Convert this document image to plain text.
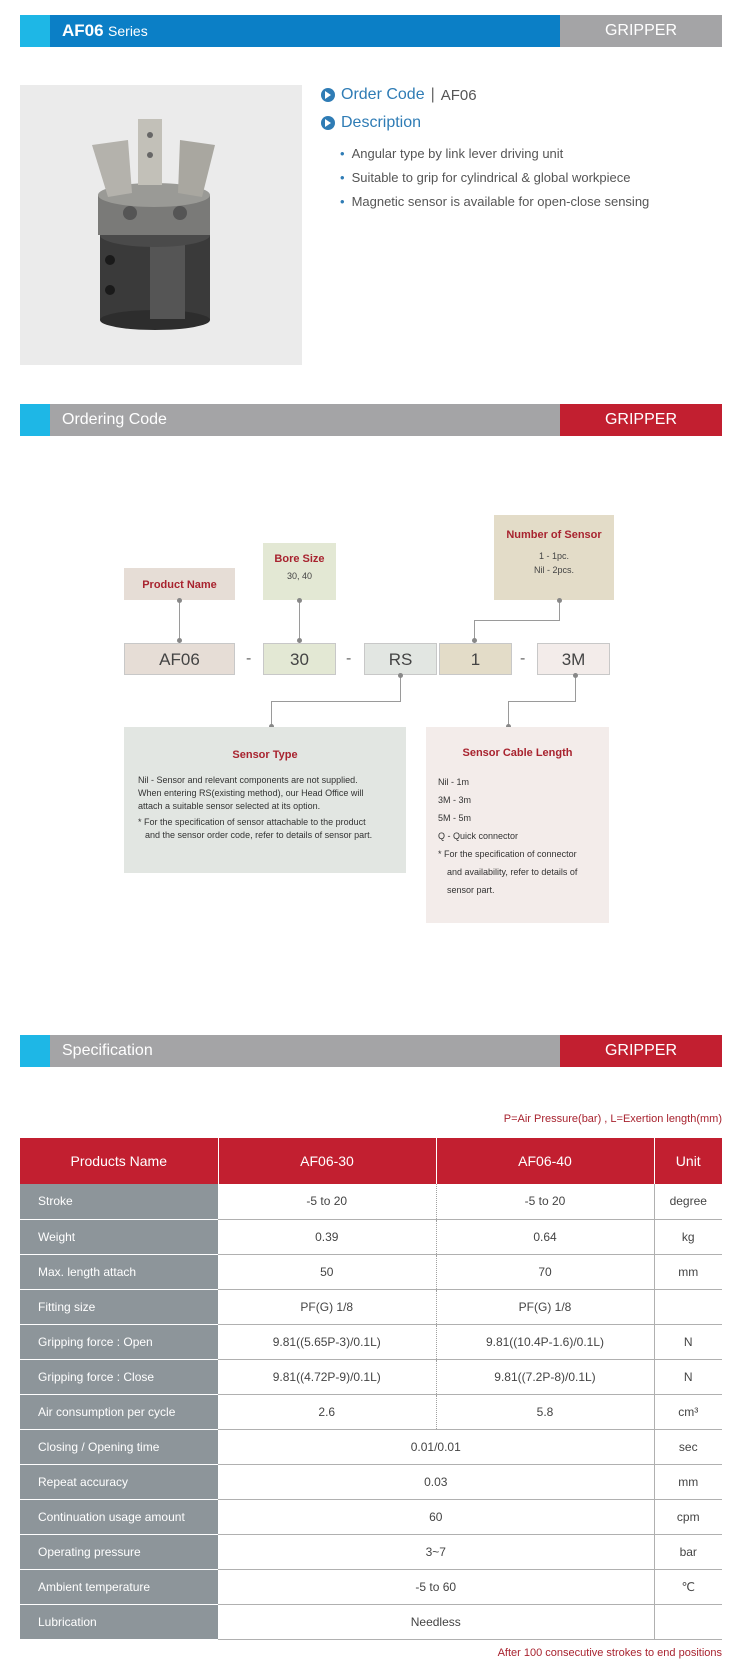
AF06 Series	GRIPPER
Order Code | AF06
Description
• Angular type by link lever driving unit
• Suitable to grip for cylindrical & global workpiece
• Magnetic sensor is available for open-close sensing
Ordering Code	GRIPPER
Product Name
Bore Size
30, 40
Number of Sensor
1 - 1pc.
Nil - 2pcs.
AF06	-	30	-	RS	1	-	3M
Sensor Type
Nil - Sensor and relevant components are not supplied.
When entering RS(existing method), our Head Office will
attach a suitable sensor selected at its option.
* For the specification of sensor attachable to the product
and the sensor order code, refer to details of sensor part.
Sensor Cable Length
Nil - 1m
3M - 3m
5M - 5m
Q - Quick connector
* For the specification of connector
and availability, refer to details of
sensor part.
Specification	GRIPPER
P=Air Pressure(bar) , L=Exertion length(mm)
Products Name	AF06-30	AF06-40	Unit
Stroke	-5 to 20	-5 to 20	degree
Weight	0.39	0.64	kg
Max. length attach	50	70	mm
Fitting size	PF(G) 1/8	PF(G) 1/8	
Gripping force : Open	9.81((5.65P-3)/0.1L)	9.81((10.4P-1.6)/0.1L)	N
Gripping force : Close	9.81((4.72P-9)/0.1L)	9.81((7.2P-8)/0.1L)	N
Air consumption per cycle	2.6	5.8	cm³
Closing / Opening time	0.01/0.01		sec
Repeat accuracy	0.03		mm
Continuation usage amount	60		cpm
Operating pressure	3~7		bar
Ambient temperature	-5 to 60		℃
Lubrication	Needless		
After 100 consecutive strokes to end positions
